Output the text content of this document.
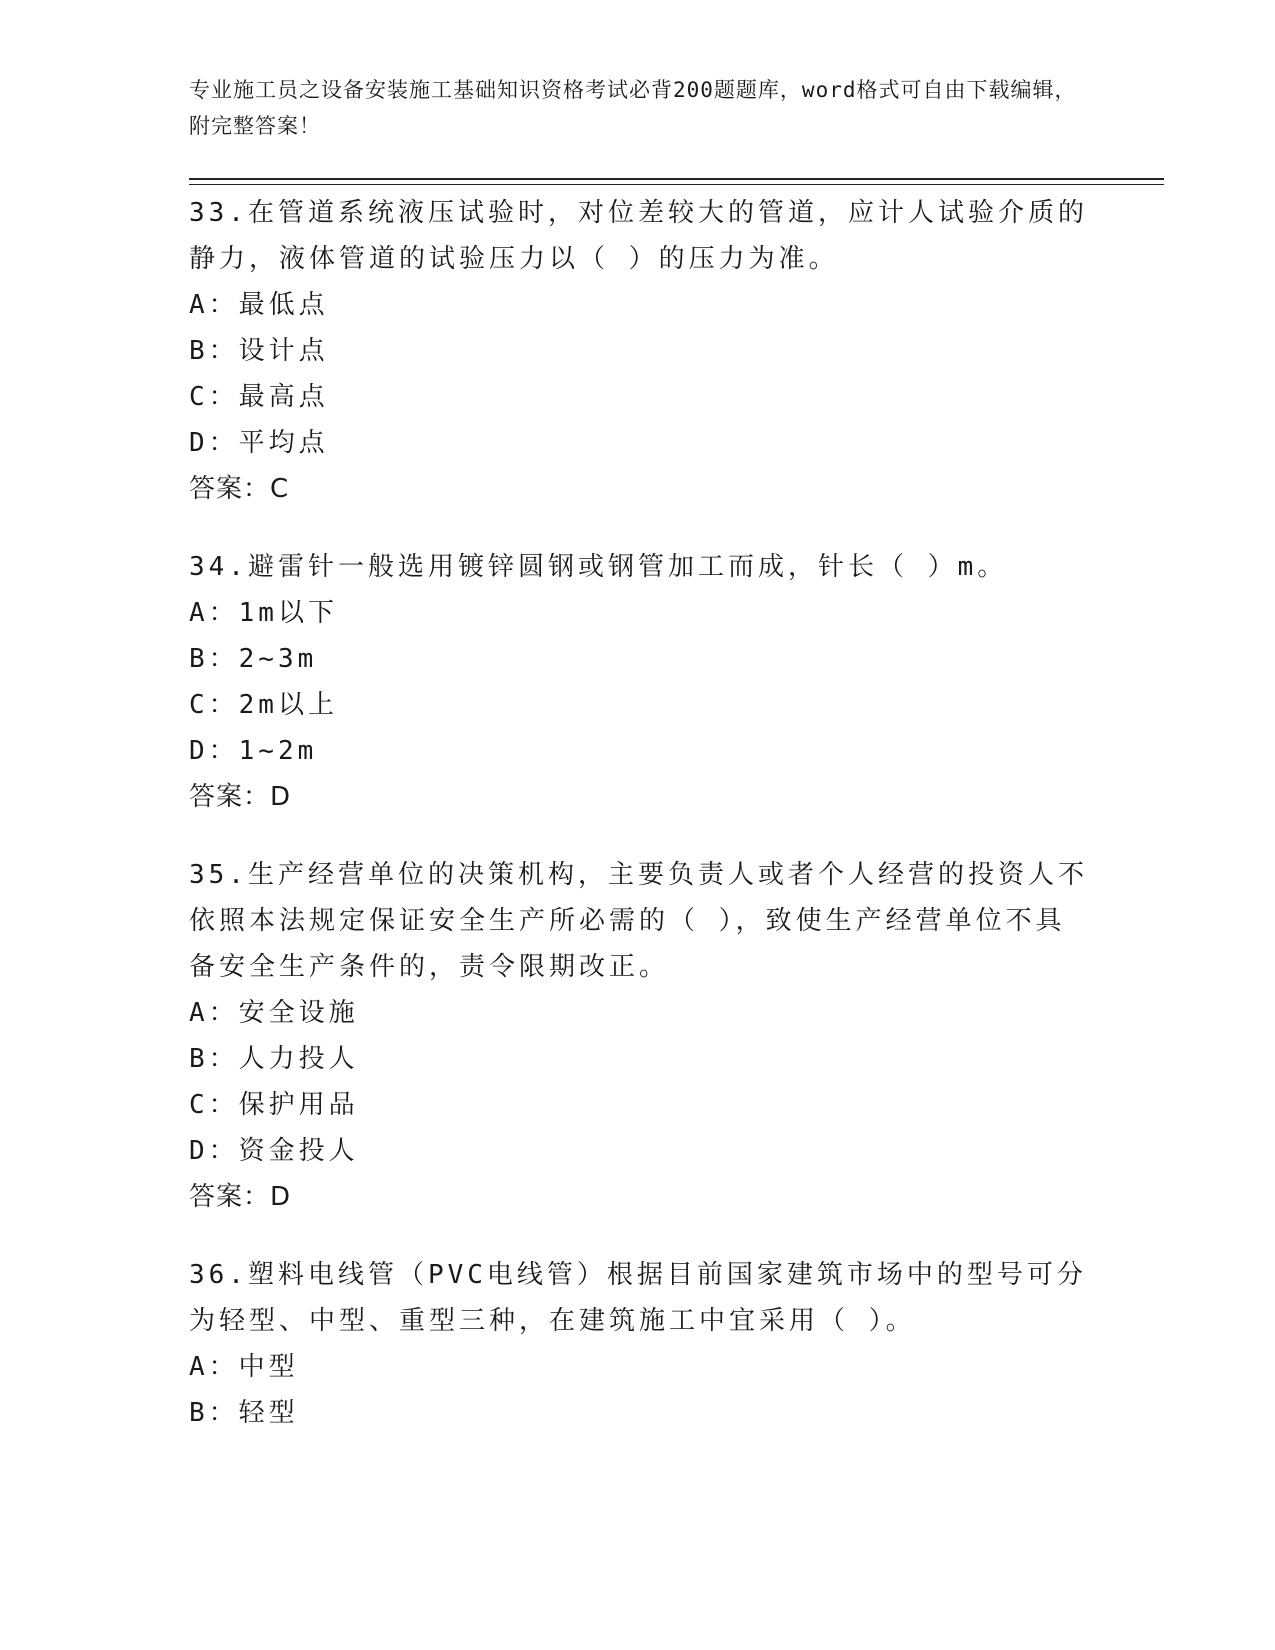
专业施工员之设备安装施工基础知识资格考试必背200题题库，word格式可自由下载编辑，附完整答案！
33.在管道系统液压试验时，对位差较大的管道，应计人试验介质的静力，液体管道的试验压力以（ ）的压力为准。
A：最低点
B：设计点
C：最高点
D：平均点
答案：C
34.避雷针一般选用镀锌圆钢或钢管加工而成，针长（ ）m。
A：1m以下
B：2~3m
C：2m以上
D：1~2m
答案：D
35.生产经营单位的决策机构，主要负责人或者个人经营的投资人不依照本法规定保证安全生产所必需的（ ），致使生产经营单位不具备安全生产条件的，责令限期改正。
A：安全设施
B：人力投人
C：保护用品
D：资金投人
答案：D
36.塑料电线管（PVC电线管）根据目前国家建筑市场中的型号可分为轻型、中型、重型三种，在建筑施工中宜采用（ ）。
A：中型
B：轻型
